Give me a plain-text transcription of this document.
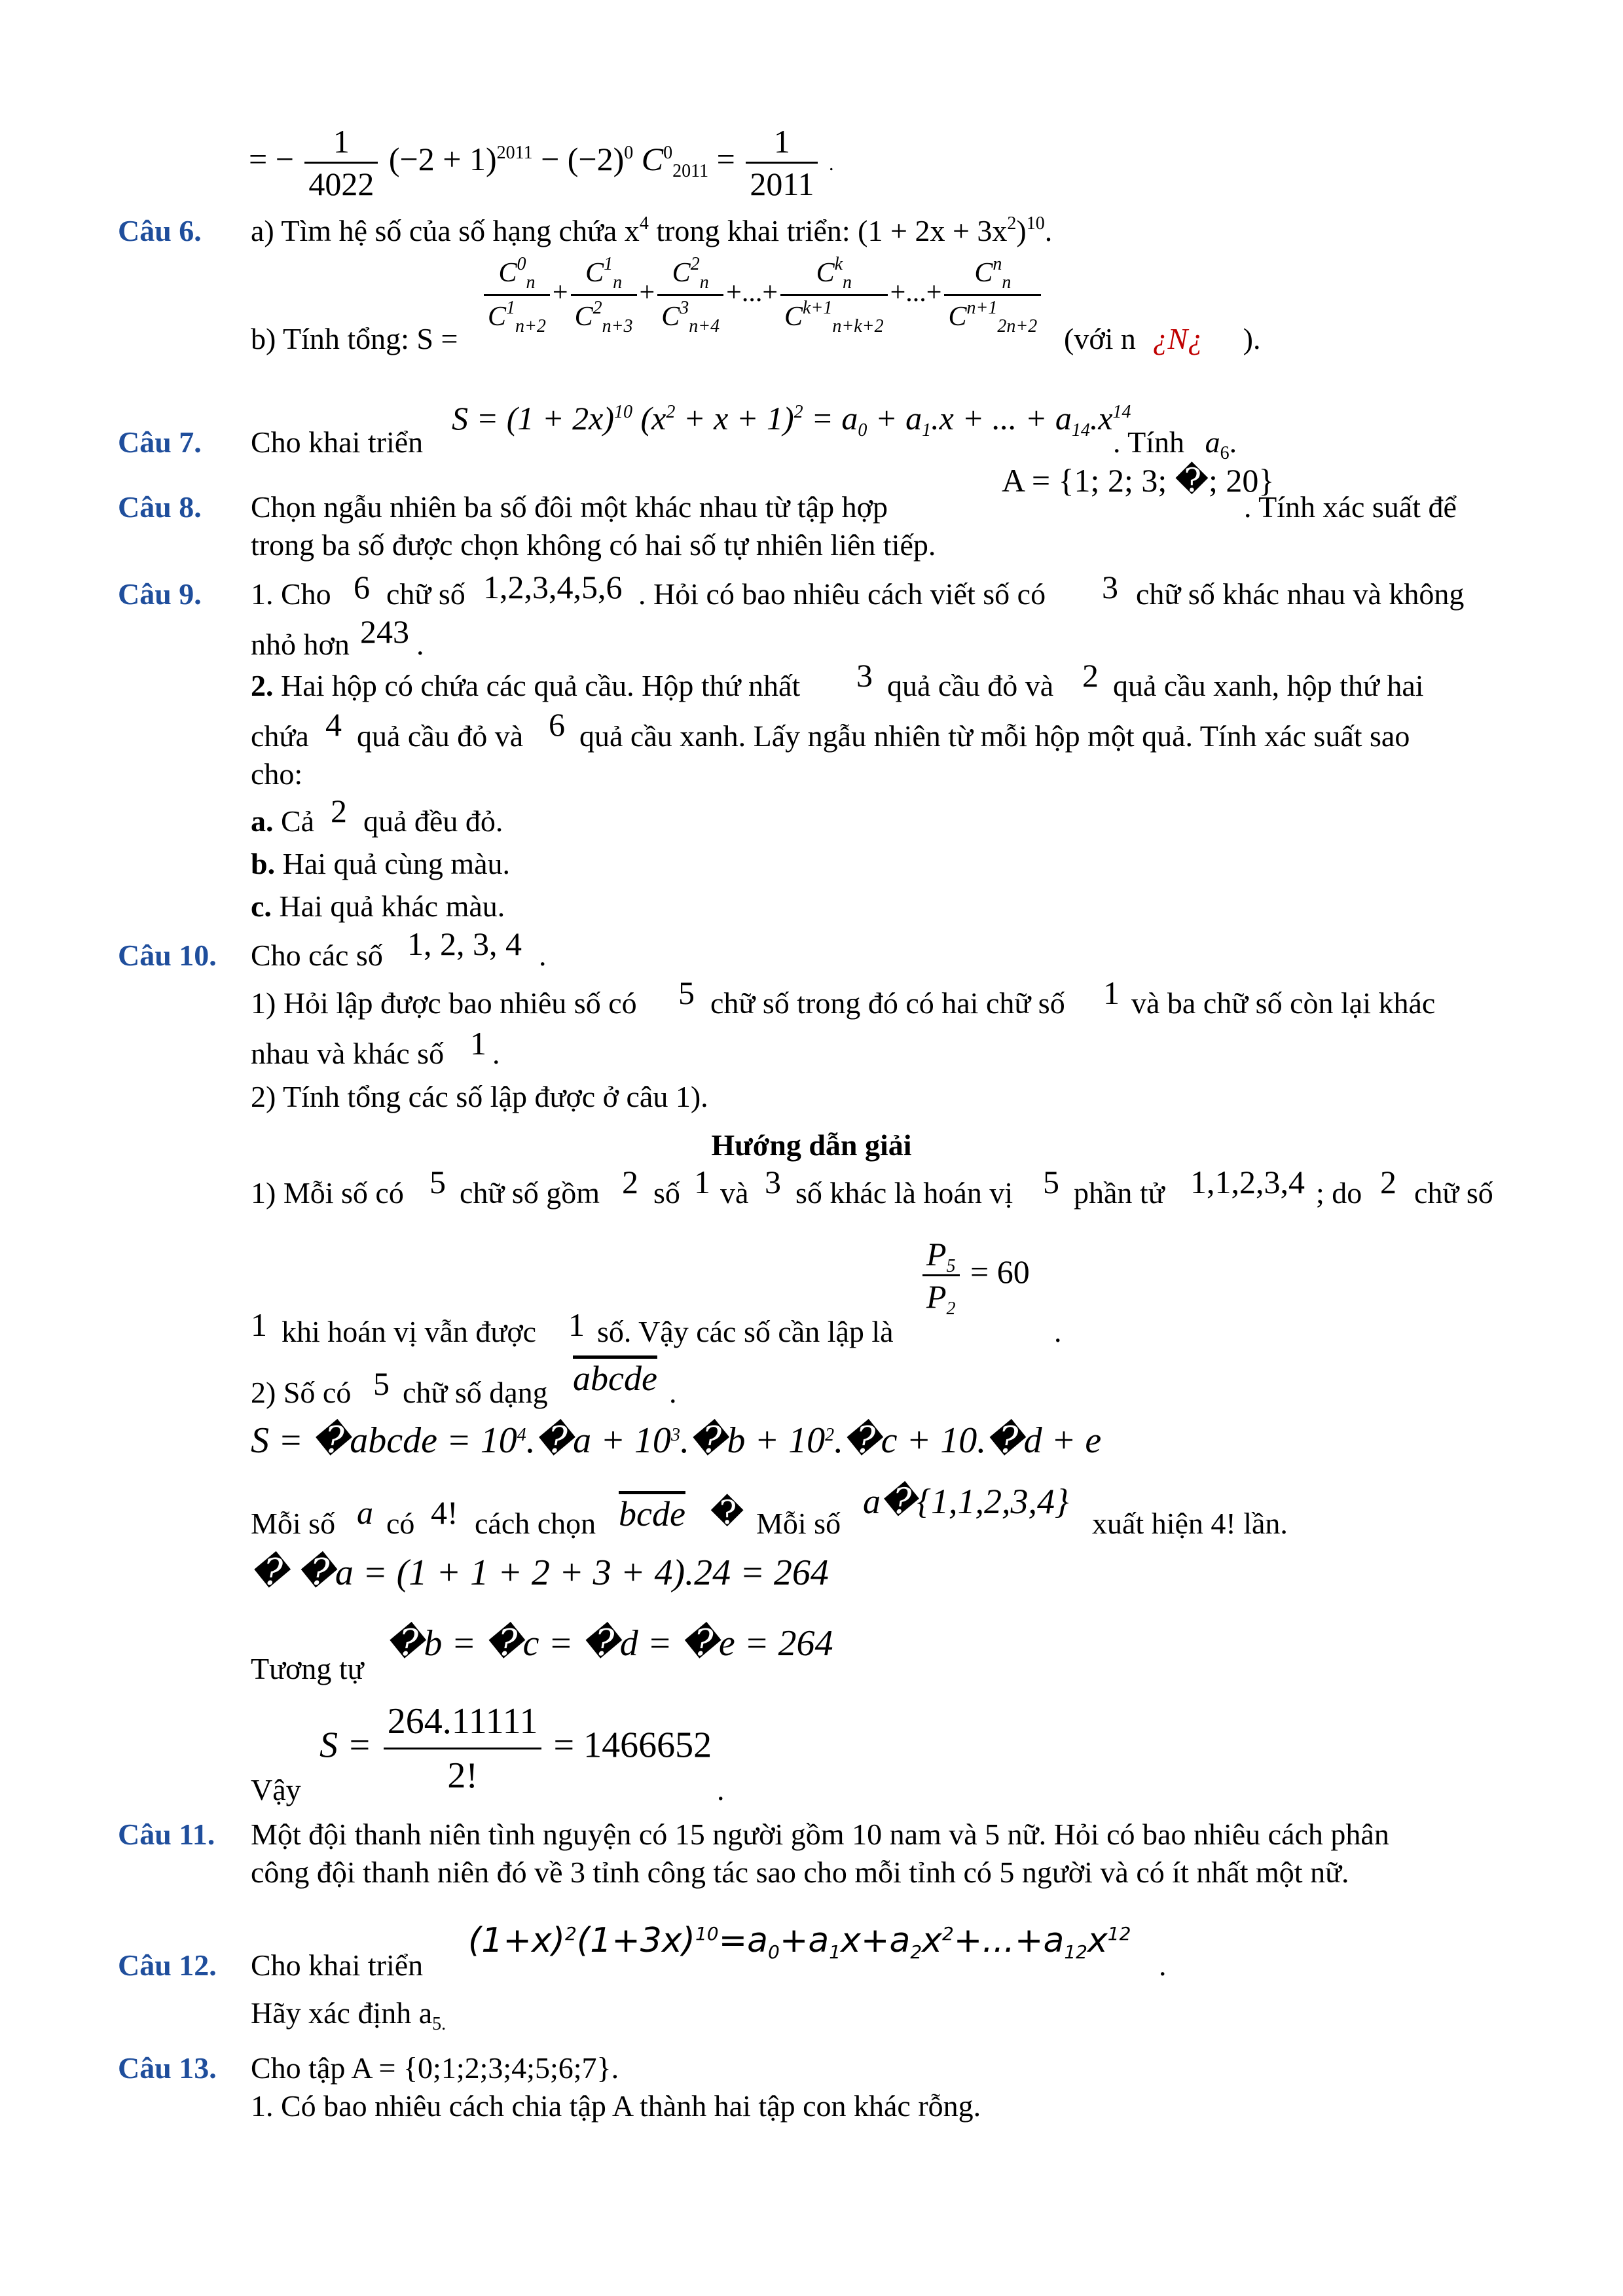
= − $\frac{1}{4022} (-2 + 1)^{2011} - (-2)^0$ $C^0_{2011} = \frac{1}{2011}$ .
Câu 6. a) Tìm hệ số của số hạng chứa $x^4$ trong khai triển: $(1 + 2x + 3x^2)^{10}$.
b) Tính tổng: S =
$\frac{C^0_n}{C^1_{n+2}} + \frac{C^1_n}{C^2_{n+3}} + \frac{C^2_n}{C^3_{n+4}}$ +...+ $\frac{C^k_n}{C^{k+1}_{n+k+2}}$ +...+ $\frac{C^n_n}{C^{n+1}_{2n+2}}$
(với n ¿N¿ ).
Câu 7. Cho khai triển
$S = (1 + 2x)^{10}$ $(x^2 + x + 1)^2 = a_0 + a_1.x$ + ... + $a_{14}.x^{14}$
. Tính $a_6$.
Câu 8. Chọn ngẫu nhiên ba số đôi một khác nhau từ tập hợp
A = {1; 2; 3; �; 20}
. Tính xác suất để
trong ba số được chọn không có hai số tự nhiên liên tiếp.
Câu 9. 1. Cho 6 chữ số 1,2,3,4,5,6 . Hỏi có bao nhiêu cách viết số có 3 chữ số khác nhau và không
nhỏ hơn 243 .
2. Hai hộp có chứa các quả cầu. Hộp thứ nhất 3 quả cầu đỏ và 2 quả cầu xanh, hộp thứ hai
chứa 4 quả cầu đỏ và 6 quả cầu xanh. Lấy ngẫu nhiên từ mỗi hộp một quả. Tính xác suất sao
cho:
a. Cả 2 quả đều đỏ.
b. Hai quả cùng màu.
c. Hai quả khác màu.
Câu 10. Cho các số 1, 2, 3, 4 .
1) Hỏi lập được bao nhiêu số có 5 chữ số trong đó có hai chữ số 1 và ba chữ số còn lại khác
nhau và khác số 1 .
2) Tính tổng các số lập được ở câu 1).
Hướng dẫn giải
1) Mỗi số có 5 chữ số gồm 2 số 1 và 3 số khác là hoán vị 5 phần tử 1,1,2,3,4 ; do 2 chữ số
1 khi hoán vị vẫn được 1 số. Vậy các số cần lập là
$\frac{P_5}{P_2} = 60$
.
2) Số có 5 chữ số dạng abcde .
S = �abcde = $10^4.�a$ + $10^3.�b$ + $10^2.�c$ + 10.�d + e
Mỗi số a có 4! cách chọn bcde � Mỗi số
a�{1,1,2,3,4}
xuất hiện 4! lần.
� �a = (1 + 1 + 2 + 3 + 4).24 = 264
Tương tự
�b = �c = �d = �e = 264
Vậy
$S = \frac{264.11111}{2!} = 1466652$
.
Câu 11. Một đội thanh niên tình nguyện có 15 người gồm 10 nam và 5 nữ. Hỏi có bao nhiêu cách phân
công đội thanh niên đó về 3 tỉnh công tác sao cho mỗi tỉnh có 5 người và có ít nhất một nữ.
Câu 12. Cho khai triển
$(1+x)^2(1+3x)^{10}=a_0+a_1x+a_2x^2+...+a_{12}x^{12}$
.
Hãy xác định $a_{5.}$
Câu 13. Cho tập A = {0;1;2;3;4;5;6;7}.
1. Có bao nhiêu cách chia tập A thành hai tập con khác rỗng.
